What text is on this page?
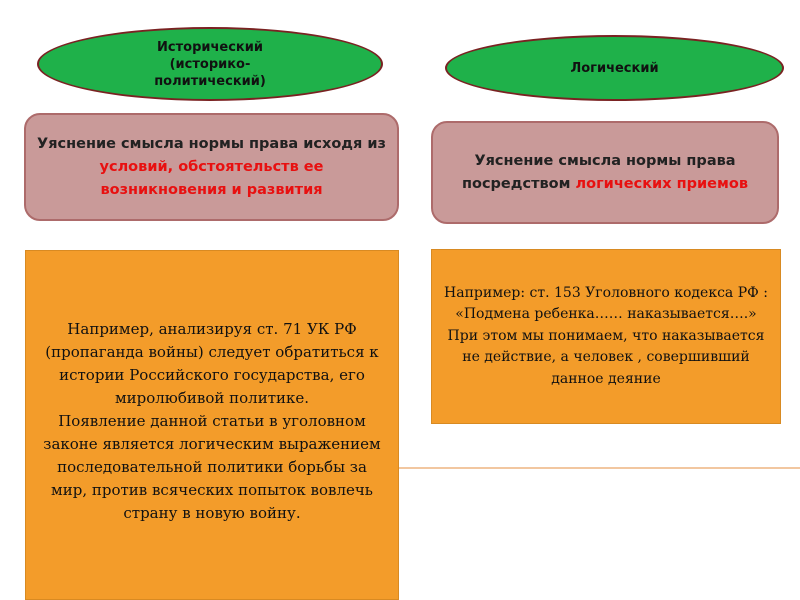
Исторический
(историко-
политический)
Логический
Уяснение смысла нормы права исходя из условий, обстоятельств ее возникновения и развития
Уяснение смысла нормы права посредством логических приемов
Например, анализируя ст. 71 УК РФ (пропаганда войны) следует обратиться к истории Российского государства, его миролюбивой политике.
Появление данной статьи в уголовном законе является логическим выражением последовательной политики борьбы за мир, против всяческих попыток вовлечь страну в новую войну.
Например: ст. 153 Уголовного кодекса РФ : «Подмена ребенка…… наказывается….» При этом мы понимаем, что наказывается не действие, а человек , совершивший данное деяние
